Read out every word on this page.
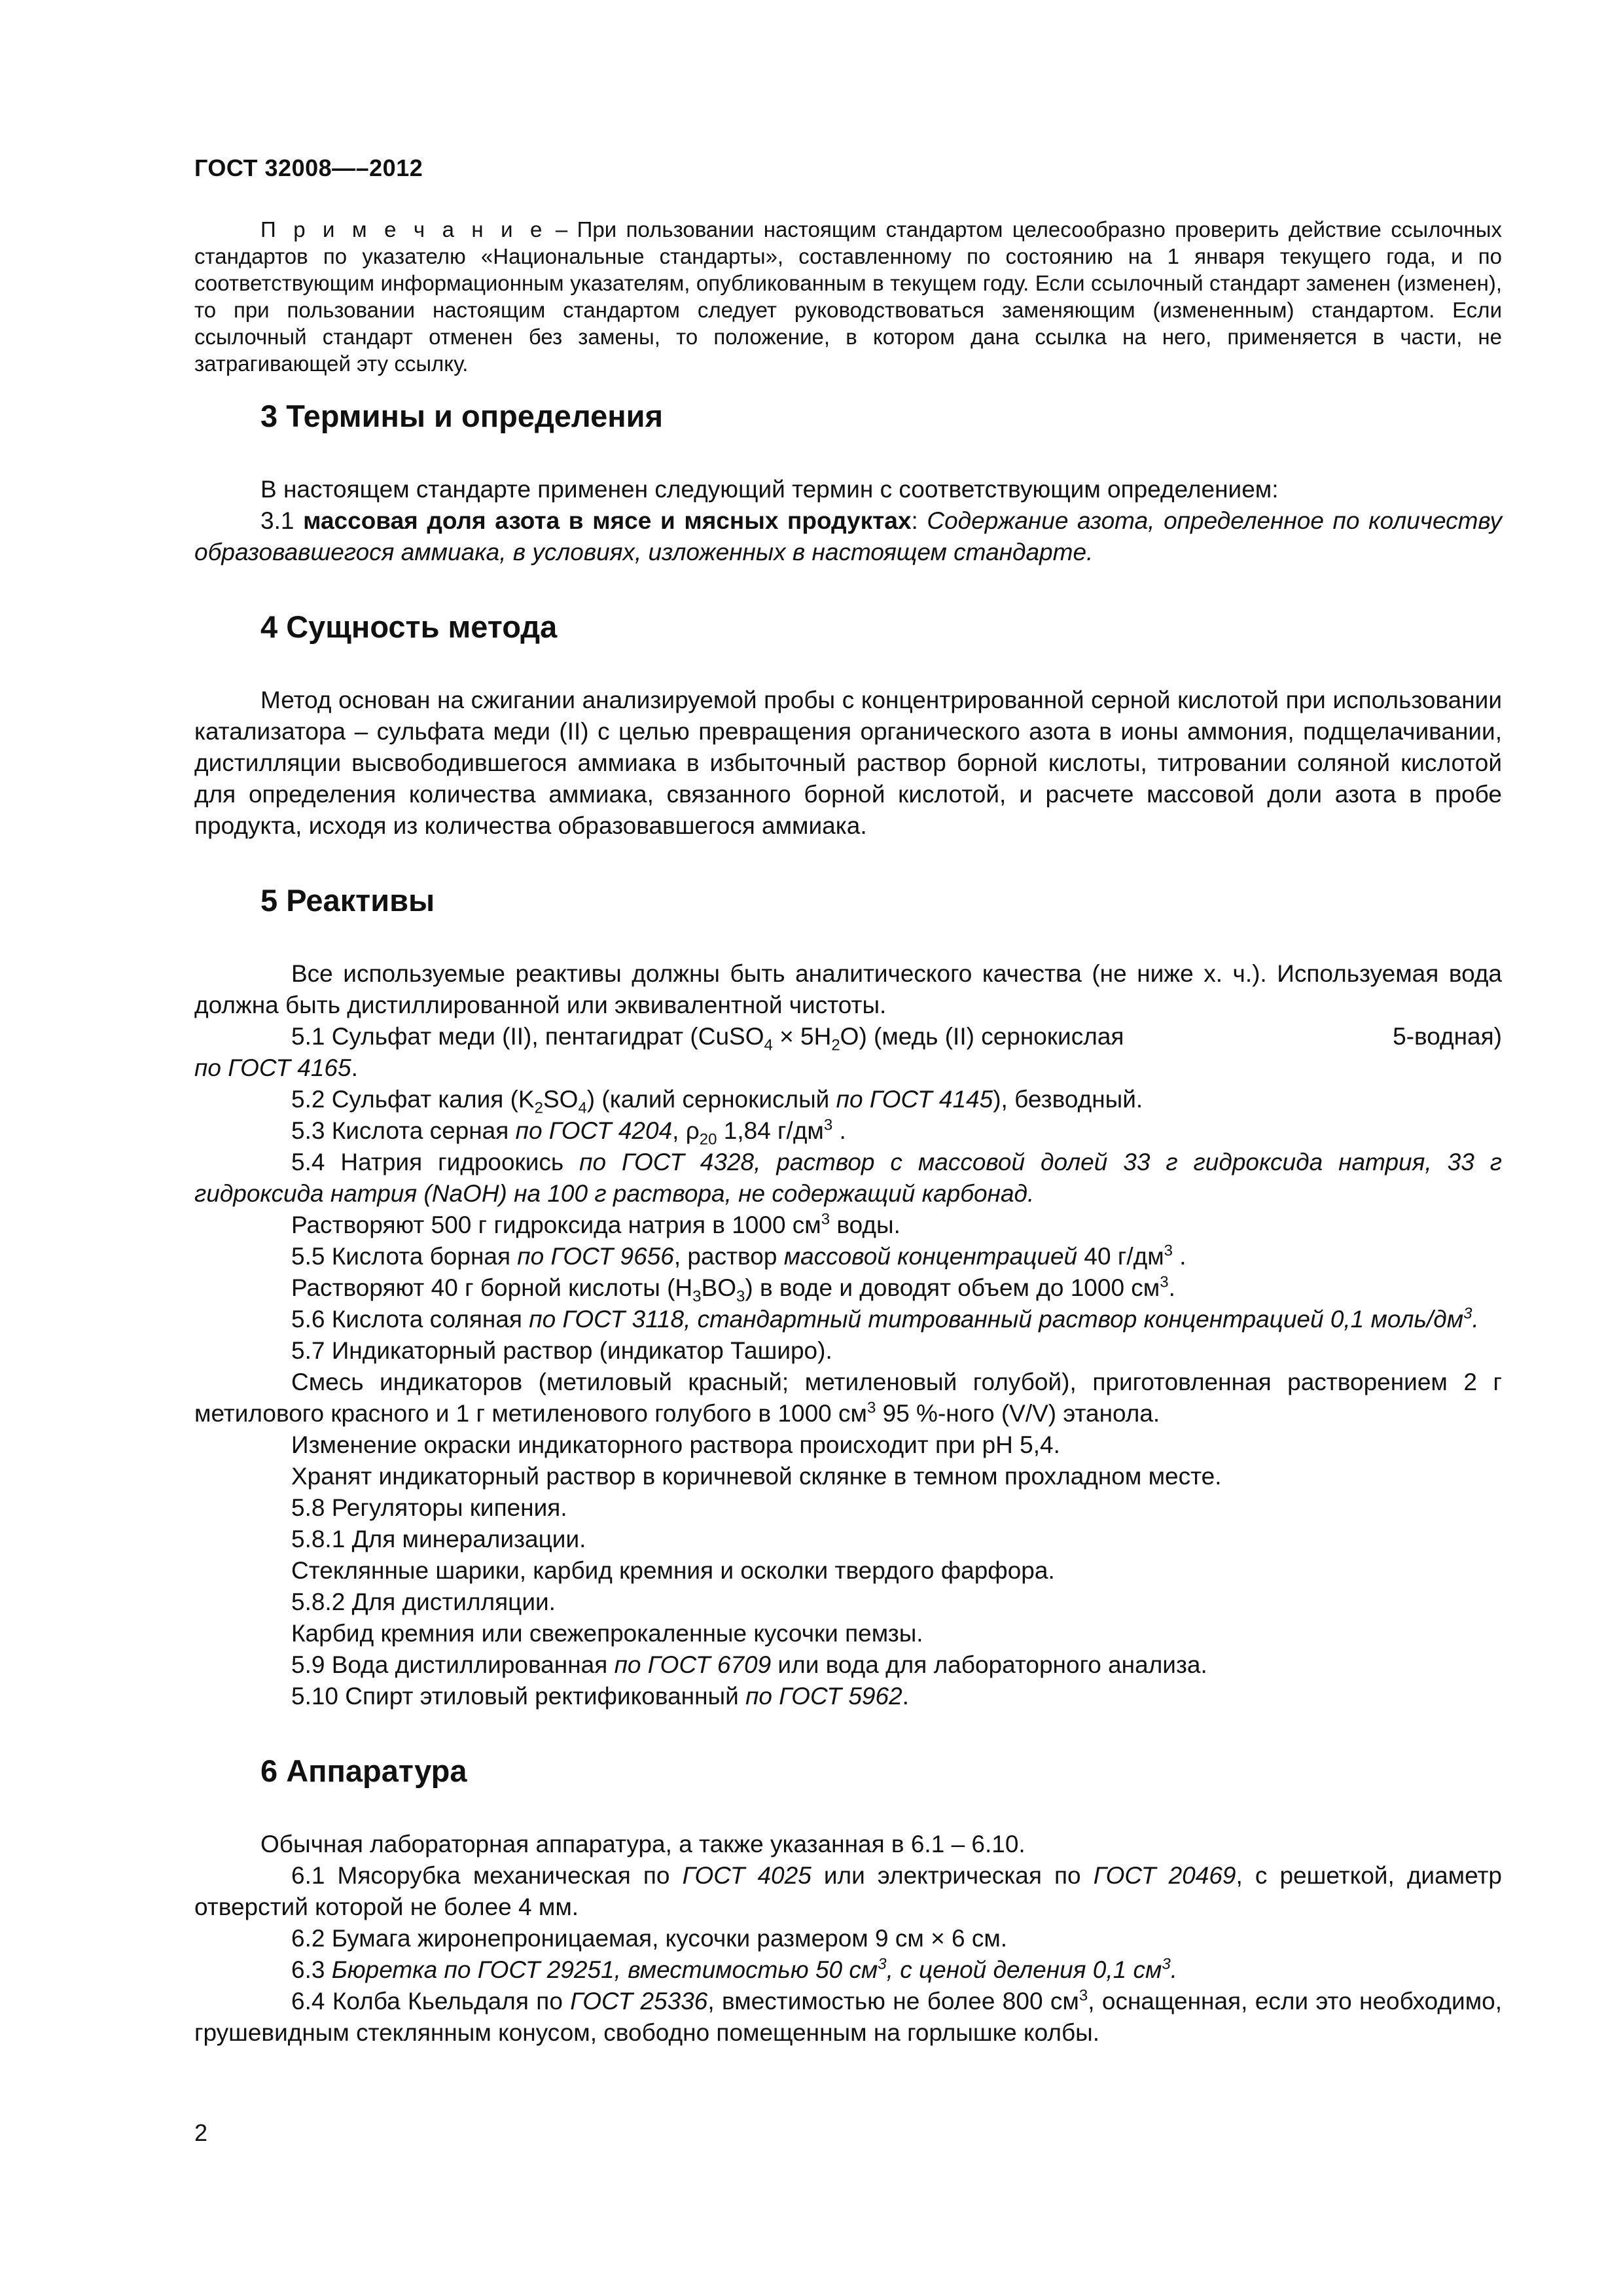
ГОСТ 32008—–2012

П р и м е ч а н и е – При пользовании настоящим стандартом целесообразно проверить действие ссылочных стандартов по указателю «Национальные стандарты», составленному по состоянию на 1 января текущего года, и по соответствующим информационным указателям, опубликованным в текущем году. Если ссылочный стандарт заменен (изменен), то при пользовании настоящим стандартом следует руководствоваться заменяющим (измененным) стандартом. Если ссылочный стандарт отменен без замены, то положение, в котором дана ссылка на него, применяется в части, не затрагивающей эту ссылку.

3 Термины и определения

В настоящем стандарте применен следующий термин с соответствующим определением:

3.1 массовая доля азота в мясе и мясных продуктах: Содержание азота, определенное по количеству образовавшегося аммиака, в условиях, изложенных в настоящем стандарте.

4 Сущность метода

Метод основан на сжигании анализируемой пробы с концентрированной серной кислотой при использовании катализатора – сульфата меди (II) с целью превращения органического азота в ионы аммония, подщелачивании, дистилляции высвободившегося аммиака в избыточный раствор борной кислоты, титровании соляной кислотой для определения количества аммиака, связанного борной кислотой, и расчете массовой доли азота в пробе продукта, исходя из количества образовавшегося аммиака.

5 Реактивы

Все используемые реактивы должны быть аналитического качества (не ниже х. ч.). Используемая вода должна быть дистиллированной или эквивалентной чистоты.

5.1 Сульфат меди (II), пентагидрат (CuSO$_4$ × $5H_2O$) (медь (II) сернокислая	5-водная)

по ГОСТ 4165.

5.2 Сульфат калия $(K_2SO_4)$ (калий сернокислый по ГОСТ 4145), безводный.

5.3 Кислота серная по ГОСТ 4204, $\rho_{20}$ 1,84 $г/дм^3$ .

5.4 Натрия гидроокись по ГОСТ 4328, раствор с массовой долей 33 г гидроксида натрия, 33 г гидроксида натрия (NaOH) на 100 г раствора, не содержащий карбонад.

Растворяют 500 г гидроксида натрия в 1000 $см^3$ воды.

5.5 Кислота борная по ГОСТ 9656, раствор массовой концентрацией 40 $г/дм^3$ .

Растворяют 40 г борной кислоты $(H_3BO_3)$ в воде и доводят объем до 1000 $см^3$.

5.6 Кислота соляная по ГОСТ 3118, стандартный титрованный раствор концентрацией 0,1 моль/$дм^3$.

5.7 Индикаторный раствор (индикатор Таширо).

Смесь индикаторов (метиловый красный; метиленовый голубой), приготовленная растворением 2 г метилового красного и 1 г метиленового голубого в 1000 $см^3$ 95 %-ного (V/V) этанола.

Изменение окраски индикаторного раствора происходит при рН 5,4.

Хранят индикаторный раствор в коричневой склянке в темном прохладном месте.

5.8 Регуляторы кипения.

5.8.1 Для минерализации.

Стеклянные шарики, карбид кремния и осколки твердого фарфора.

5.8.2 Для дистилляции.

Карбид кремния или свежепрокаленные кусочки пемзы.

5.9 Вода дистиллированная по ГОСТ 6709 или вода для лабораторного анализа.

5.10 Спирт этиловый ректификованный по ГОСТ 5962.

6 Аппаратура

Обычная лабораторная аппаратура, а также указанная в 6.1 – 6.10.

6.1 Мясорубка механическая по ГОСТ 4025 или электрическая по ГОСТ 20469, с решеткой, диаметр отверстий которой не более 4 мм.

6.2 Бумага жиронепроницаемая, кусочки размером 9 см × 6 см.

6.3 Бюретка по ГОСТ 29251, вместимостью 50 $см^3$, с ценой деления 0,1 $см^3$.

6.4 Колба Кьельдаля по ГОСТ 25336, вместимостью не более 800 $см^3$, оснащенная, если это необходимо, грушевидным стеклянным конусом, свободно помещенным на горлышке колбы.

2
